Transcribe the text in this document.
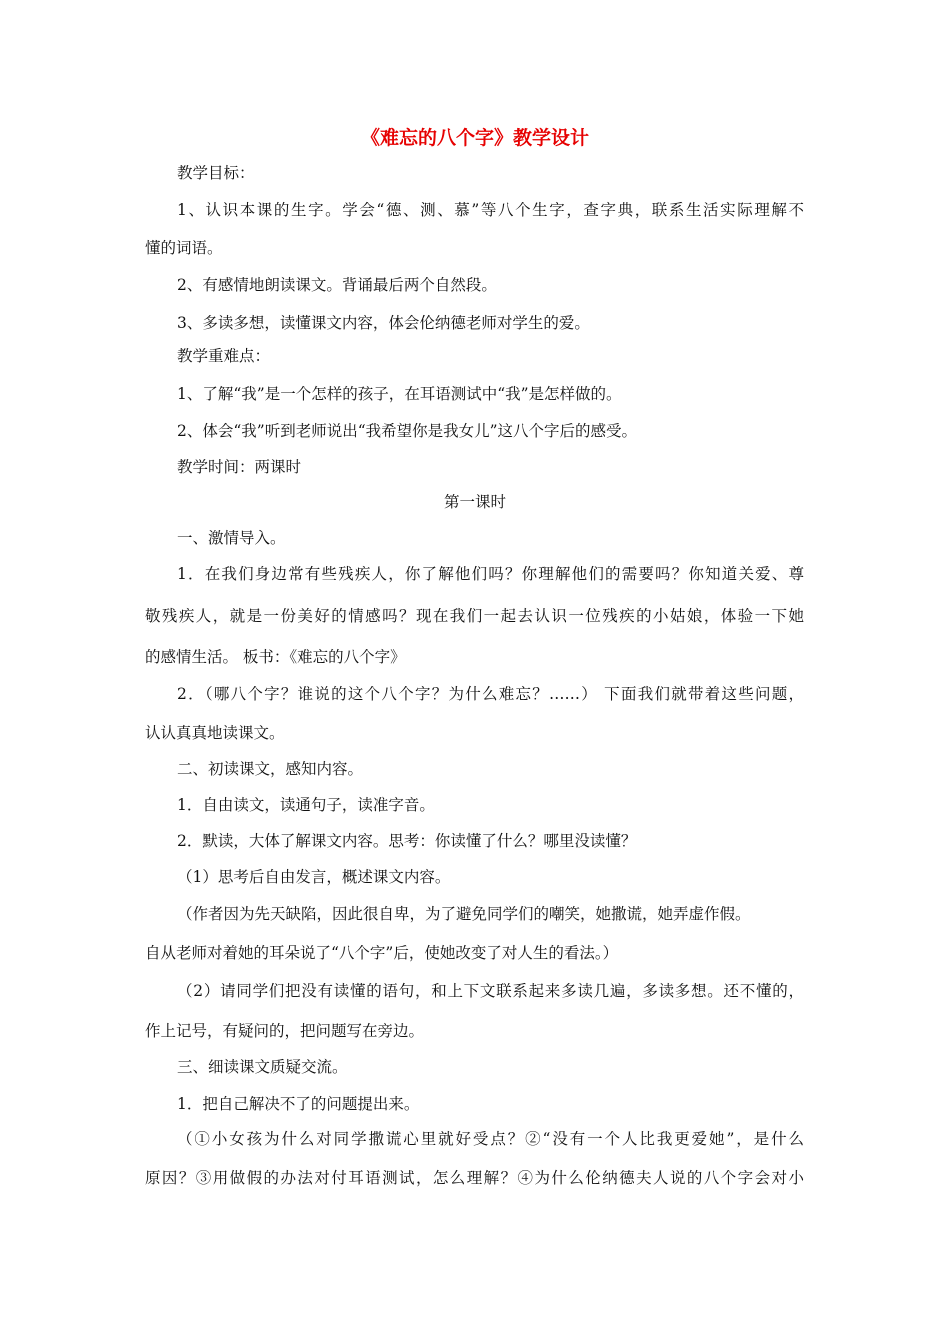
《难忘的八个字》教学设计

教学目标：

1、认识本课的生字。学会“德、测、慕”等八个生字，查字典，联系生活实际理解不

懂的词语。

2、有感情地朗读课文。背诵最后两个自然段。

3、多读多想，读懂课文内容，体会伦纳德老师对学生的爱。

教学重难点：

1、了解“我”是一个怎样的孩子，在耳语测试中“我”是怎样做的。

2、体会“我”听到老师说出“我希望你是我女儿”这八个字后的感受。

教学时间：两课时

第一课时

一、激情导入。

1．在我们身边常有些残疾人，你了解他们吗？你理解他们的需要吗？你知道关爱、尊

敬残疾人，就是一份美好的情感吗？现在我们一起去认识一位残疾的小姑娘，体验一下她

的感情生活。 板书：《难忘的八个字》

2．（哪八个字？谁说的这个八个字？为什么难忘？……） 下面我们就带着这些问题，

认认真真地读课文。

二、初读课文，感知内容。

1．自由读文，读通句子，读准字音。

2．默读，大体了解课文内容。思考：你读懂了什么？哪里没读懂？

（1）思考后自由发言，概述课文内容。

（作者因为先天缺陷，因此很自卑，为了避免同学们的嘲笑，她撒谎，她弄虚作假。

自从老师对着她的耳朵说了“八个字”后，使她改变了对人生的看法。）

（2）请同学们把没有读懂的语句，和上下文联系起来多读几遍，多读多想。还不懂的，

作上记号，有疑问的，把问题写在旁边。

三、细读课文质疑交流。

1．把自己解决不了的问题提出来。

（①小女孩为什么对同学撒谎心里就好受点？②“没有一个人比我更爱她”，是什么

原因？③用做假的办法对付耳语测试，怎么理解？④为什么伦纳德夫人说的八个字会对小
